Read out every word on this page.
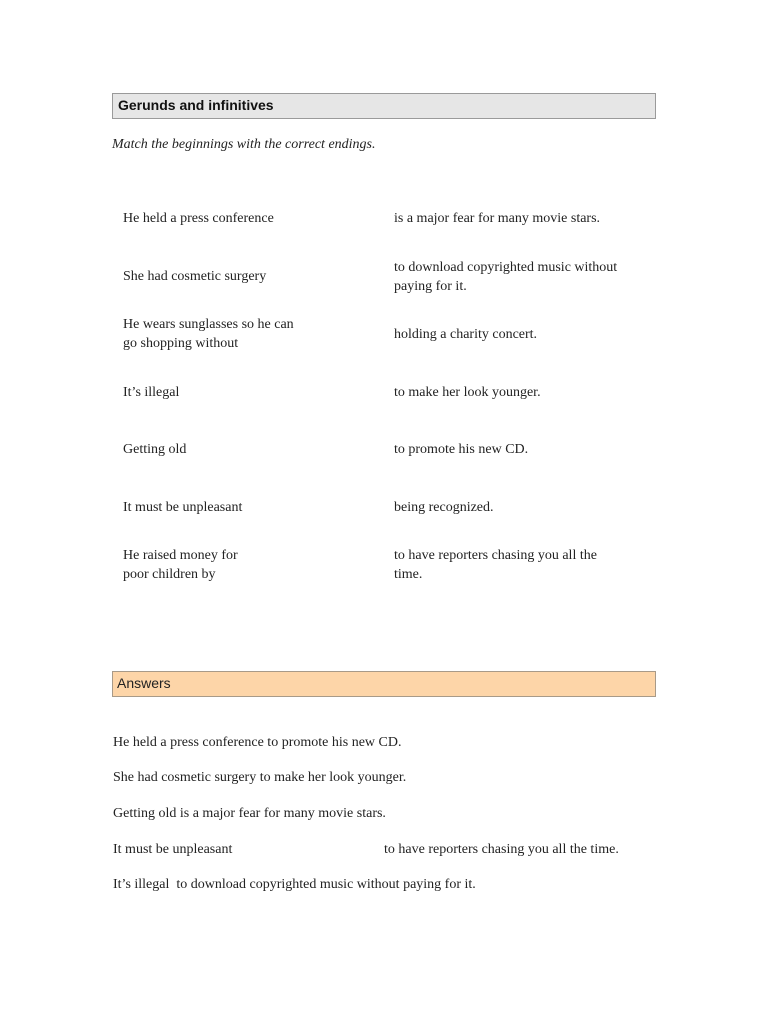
Gerunds and infinitives
Match the beginnings with the correct endings.
He held a press conference
She had cosmetic surgery
He wears sunglasses so he can go shopping without
It’s illegal
Getting old
It must be unpleasant
He raised money for poor children by
is a major fear for many movie stars.
to download copyrighted music without paying for it.
holding a charity concert.
to make her look younger.
to promote his new CD.
being recognized.
to have reporters chasing you all the time.
Answers
He held a press conference to promote his new CD.
She had cosmetic surgery to make her look younger.
Getting old is a major fear for many movie stars.
It must be unpleasant	to have reporters chasing you all the time.
It’s illegal  to download copyrighted music without paying for it.
